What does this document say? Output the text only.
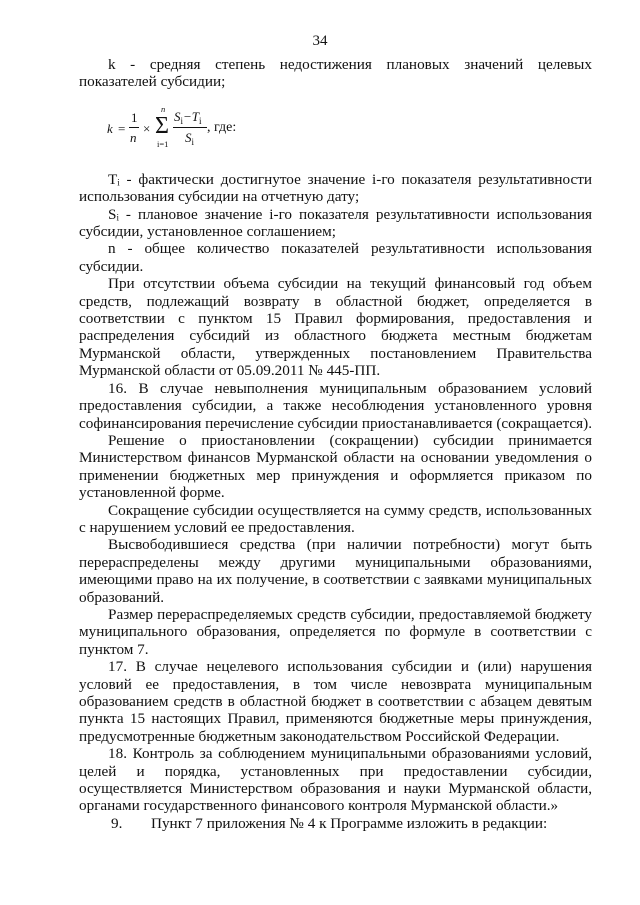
34

k - средняя степень недостижения плановых значений целевых показателей субсидии;

k =
1
n
×
n
Σ
i=1
$S_i-T_i$
$S_i$
, где:

Tᵢ - фактически достигнутое значение i-го показателя результативности использования субсидии на отчетную дату;

Sᵢ - плановое значение i-го показателя результативности использования субсидии, установленное соглашением;

n - общее количество показателей результативности использования субсидии.

При отсутствии объема субсидии на текущий финансовый год объем средств, подлежащий возврату в областной бюджет, определяется в соответствии с пунктом 15 Правил формирования, предоставления и распределения субсидий из областного бюджета местным бюджетам Мурманской области, утвержденных постановлением Правительства Мурманской области от 05.09.2011 № 445-ПП.

16. В случае невыполнения муниципальным образованием условий предоставления субсидии, а также несоблюдения установленного уровня софинансирования перечисление субсидии приостанавливается (сокращается).

Решение о приостановлении (сокращении) субсидии принимается Министерством финансов Мурманской области на основании уведомления о применении бюджетных мер принуждения и оформляется приказом по установленной форме.

Сокращение субсидии осуществляется на сумму средств, использованных с нарушением условий ее предоставления.

Высвободившиеся средства (при наличии потребности) могут быть перераспределены между другими муниципальными образованиями, имеющими право на их получение, в соответствии с заявками муниципальных образований.

Размер перераспределяемых средств субсидии, предоставляемой бюджету муниципального образования, определяется по формуле в соответствии с пунктом 7.

17. В случае нецелевого использования субсидии и (или) нарушения условий ее предоставления, в том числе невозврата муниципальным образованием средств в областной бюджет в соответствии с абзацем девятым пункта 15 настоящих Правил, применяются бюджетные меры принуждения, предусмотренные бюджетным законодательством Российской Федерации.

18. Контроль за соблюдением муниципальными образованиями условий, целей и порядка, установленных при предоставлении субсидии, осуществляется Министерством образования и науки Мурманской области, органами государственного финансового контроля Мурманской области.»

9. Пункт 7 приложения № 4 к Программе изложить в редакции:
